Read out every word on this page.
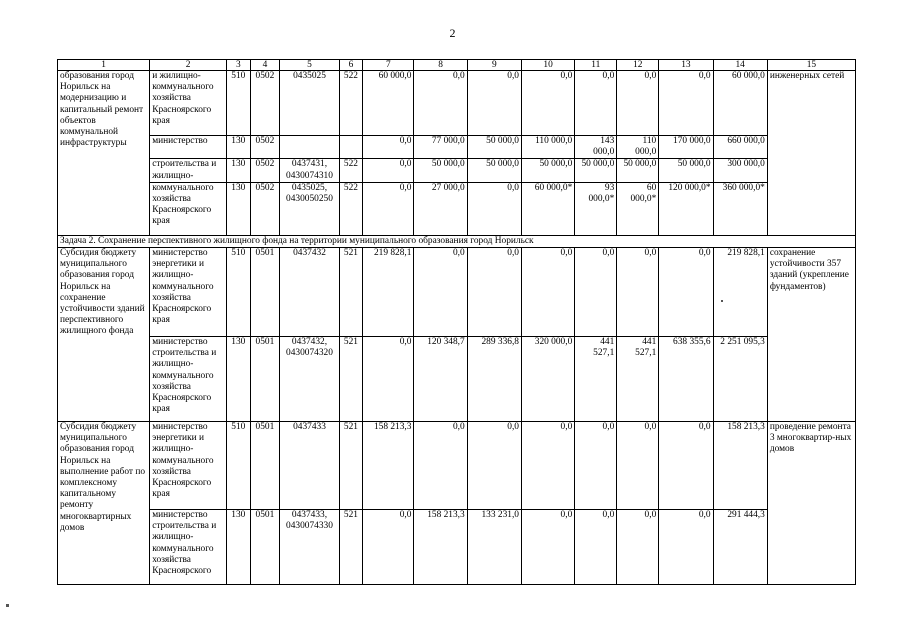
2
1	2	3	4	5	6	7	8	9	10	11	12	13	14	15
образования город Норильск на модернизацию и капитальный ремонт объектов коммунальной инфраструктуры	и жилищно-коммунального хозяйства Красноярского края	510	0502	0435025	522	60 000,0	0,0	0,0	0,0	0,0	0,0	0,0	60 000,0	инженерных сетей
	министерство	130	0502			0,0	77 000,0	50 000,0	110 000,0	143 000,0	110 000,0	170 000,0	660 000,0	
	строительства и жилищно-	130	0502	0437431, 0430074310	522	0,0	50 000,0	50 000,0	50 000,0	50 000,0	50 000,0	50 000,0	300 000,0	
	коммунального хозяйства Красноярского края	130	0502	0435025, 0430050250	522	0,0	27 000,0	0,0	60 000,0*	93 000,0*	60 000,0*	120 000,0*	360 000,0*	
Задача 2. Сохранение перспективного жилищного фонда на территории муниципального образования город Норильск														
Субсидия бюджету муниципального образования город Норильск на сохранение устойчивости зданий перспективного жилищного фонда	министерство энергетики и жилищно-коммунального хозяйства Красноярского края	510	0501	0437432	521	219 828,1	0,0	0,0	0,0	0,0	0,0	0,0	219 828,1	сохранение устойчивости 357 зданий (укрепление фундаментов)
	министерство строительства и жилищно-коммунального хозяйства Красноярского края	130	0501	0437432, 0430074320	521	0,0	120 348,7	289 336,8	320 000,0	441 527,1	441 527,1	638 355,6	2 251 095,3	
Субсидия бюджету муниципального образования город Норильск на выполнение работ по комплексному капитальному ремонту многоквартирных домов	министерство энергетики и жилищно-коммунального хозяйства Красноярского края	510	0501	0437433	521	158 213,3	0,0	0,0	0,0	0,0	0,0	0,0	158 213,3	проведение ремонта 3 многоквартир-ных домов
	министерство строительства и жилищно-коммунального хозяйства Красноярского	130	0501	0437433, 0430074330	521	0,0	158 213,3	133 231,0	0,0	0,0	0,0	0,0	291 444,3	
